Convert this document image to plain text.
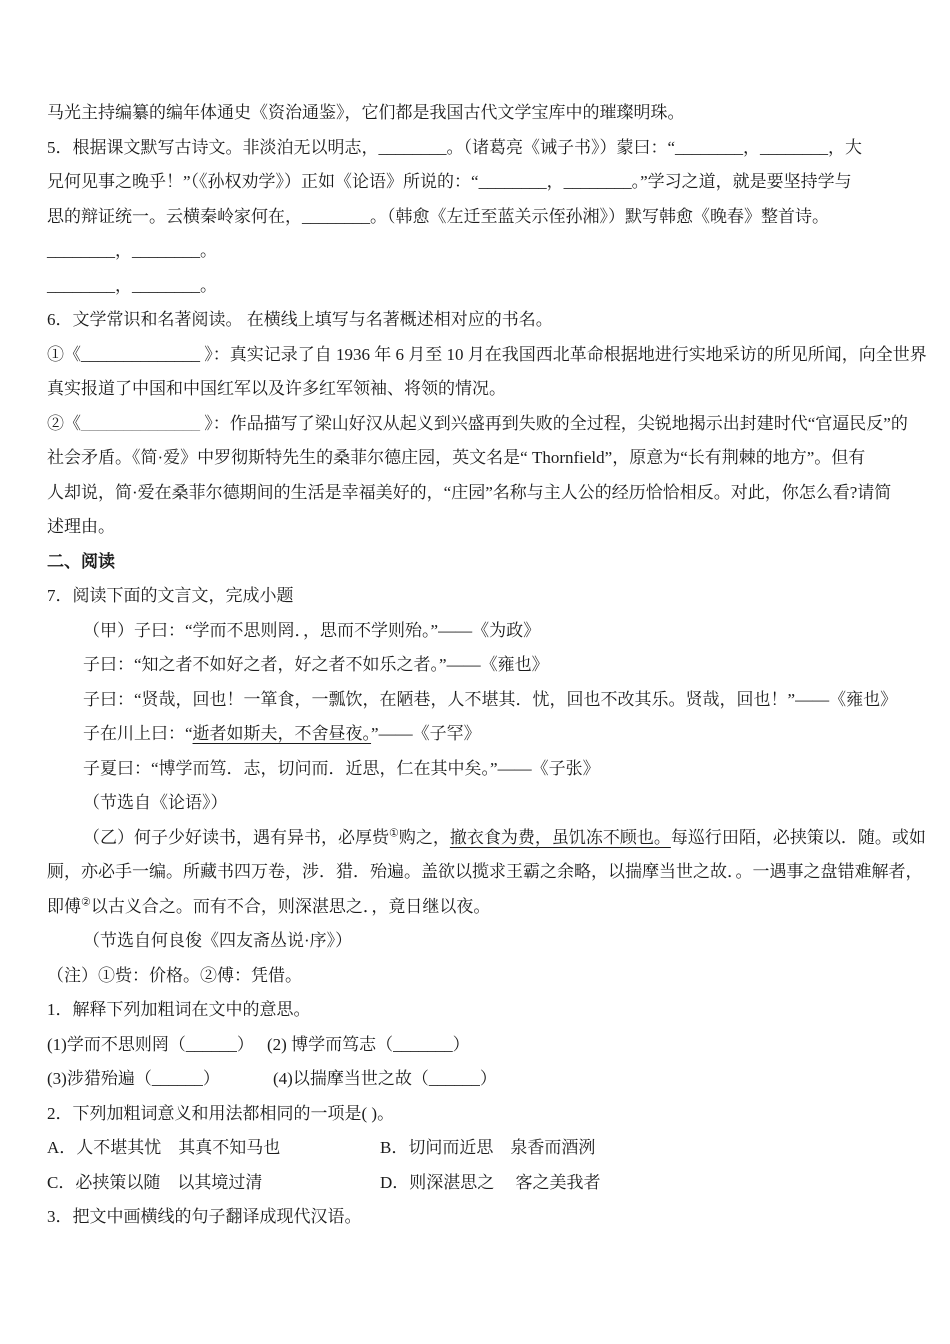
马光主持编纂的编年体通史《资治通鉴》，它们都是我国古代文学宝库中的璀璨明珠。
5．根据课文默写古诗文。非淡泊无以明志，________。（诸葛亮《诫子书》）蒙曰：“________，________，大
兄何见事之晚乎！”（《孙权劝学》）正如《论语》所说的：“________，________。”学习之道，就是要坚持学与
思的辩证统一。云横秦岭家何在，________。（韩愈《左迁至蓝关示侄孙湘》）默写韩愈《晚春》整首诗。
________，________。
________，________。
6．文学常识和名著阅读。 在横线上填写与名著概述相对应的书名。
①《______________ 》：真实记录了自 1936 年 6 月至 10 月在我国西北革命根据地进行实地采访的所见所闻，向全世界
真实报道了中国和中国红军以及许多红军领袖、将领的情况。
②《______________ 》：作品描写了梁山好汉从起义到兴盛再到失败的全过程，尖锐地揭示出封建时代“官逼民反”的
社会矛盾。《简·爱》中罗彻斯特先生的桑菲尔德庄园，英文名是“ Thornfield”，原意为“长有荆棘的地方”。但有
人却说，简·爱在桑菲尔德期间的生活是幸福美好的，“庄园”名称与主人公的经历恰恰相反。对此，你怎么看?请简
述理由。
二、阅读
7．阅读下面的文言文，完成小题
（甲）子曰：“学而不思则罔．，思而不学则殆。”——《为政》
子曰：“知之者不如好之者，好之者不如乐之者。”——《雍也》
子曰：“贤哉，回也！一箪食，一瓢饮，在陋巷，人不堪其．忧，回也不改其乐。贤哉，回也！”——《雍也》
子在川上曰：“逝者如斯夫，不舍昼夜。”——《子罕》
子夏曰：“博学而笃．志，切问而．近思，仁在其中矣。”——《子张》
（节选自《论语》）
（乙）何子少好读书，遇有异书，必厚赀①购之，撤衣食为费，虽饥冻不顾也。每巡行田陌，必挟策以．随。或如
厕，亦必手一编。所藏书四万卷，涉．猎．殆遍。盖欲以揽求王霸之余略，以揣摩当世之故．。一遇事之盘错难解者，
即傅②以古义合之。而有不合，则深湛思之．，竟日继以夜。
（节选自何良俊《四友斋丛说·序》）
（注）①赀：价格。②傅：凭借。
1．解释下列加粗词在文中的意思。
(1)学而不思则罔（______） (2) 博学而笃志（_______）
(3)涉猎殆遍（______）	(4)以揣摩当世之故（______）
2．下列加粗词意义和用法都相同的一项是( )。
A．人不堪其忧　其真不知马也	B．切问而近思　泉香而酒洌
C．必挟策以随　以其境过清	D．则深湛思之　 客之美我者
3．把文中画横线的句子翻译成现代汉语。
